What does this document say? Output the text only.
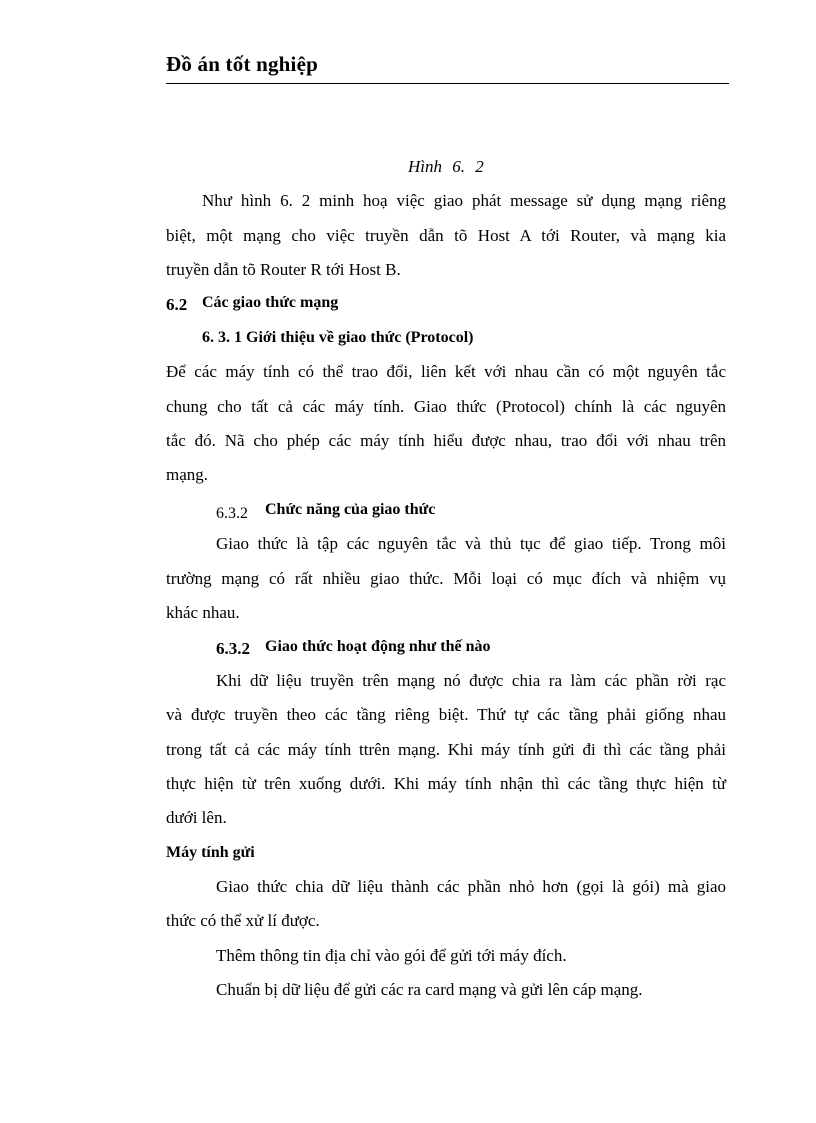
Đồ án tốt nghiệp
Hình 6. 2
Như hình 6. 2 minh hoạ việc giao phát message sử dụng mạng riêng
biệt, một mạng cho việc truyền dẫn tõ Host A tới Router, và mạng kia
truyền dẫn tõ Router R tới Host B.
6.2 Các giao thức mạng
6. 3. 1 Giới thiệu về giao thức (Protocol)
Để các máy tính có thể trao đổi, liên kết với nhau cần có một nguyên tắc
chung cho tất cả các máy tính. Giao thức (Protocol) chính là các nguyên
tắc đó. Nã cho phép các máy tính hiểu được nhau, trao đổi với nhau trên
mạng.
6.3.2 Chức năng của giao thức
Giao thức là tập các nguyên tắc và thủ tục để giao tiếp. Trong môi
trường mạng có rất nhiều giao thức. Mỗi loại có mục đích và nhiệm vụ
khác nhau.
6.3.2 Giao thức hoạt động như thế nào
Khi dữ liệu truyền trên mạng nó được chia ra làm các phần rời rạc
và được truyền theo các tầng riêng biệt. Thứ tự các tầng phải giống nhau
trong tất cả các máy tính ttrên mạng. Khi máy tính gửi đi thì các tầng phải
thực hiện từ trên xuống dưới. Khi máy tính nhận thì các tầng thực hiện từ
dưới lên.
Máy tính gửi
Giao thức chia dữ liệu thành các phần nhỏ hơn (gọi là gói) mà giao
thức có thể xử lí được.
Thêm thông tin địa chỉ vào gói để gửi tới máy đích.
Chuẩn bị dữ liệu để gửi các ra card mạng và gửi lên cáp mạng.
